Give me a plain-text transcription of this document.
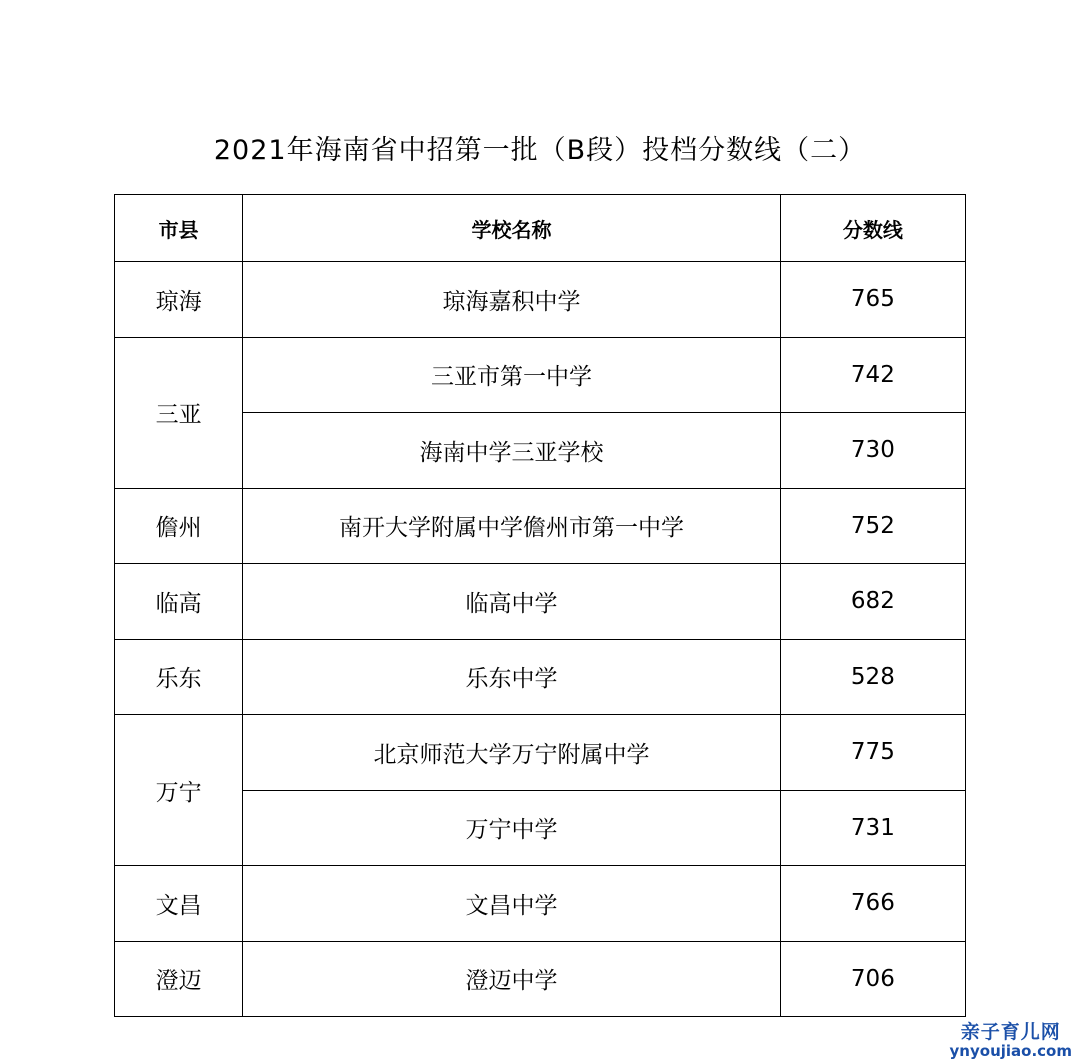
2021年海南省中招第一批（B段）投档分数线（二）
市县	学校名称	分数线
琼海	琼海嘉积中学	765
三亚	三亚市第一中学	742
	海南中学三亚学校	730
儋州	南开大学附属中学儋州市第一中学	752
临高	临高中学	682
乐东	乐东中学	528
万宁	北京师范大学万宁附属中学	775
	万宁中学	731
文昌	文昌中学	766
澄迈	澄迈中学	706
亲子育儿网
ynyoujiao.com
